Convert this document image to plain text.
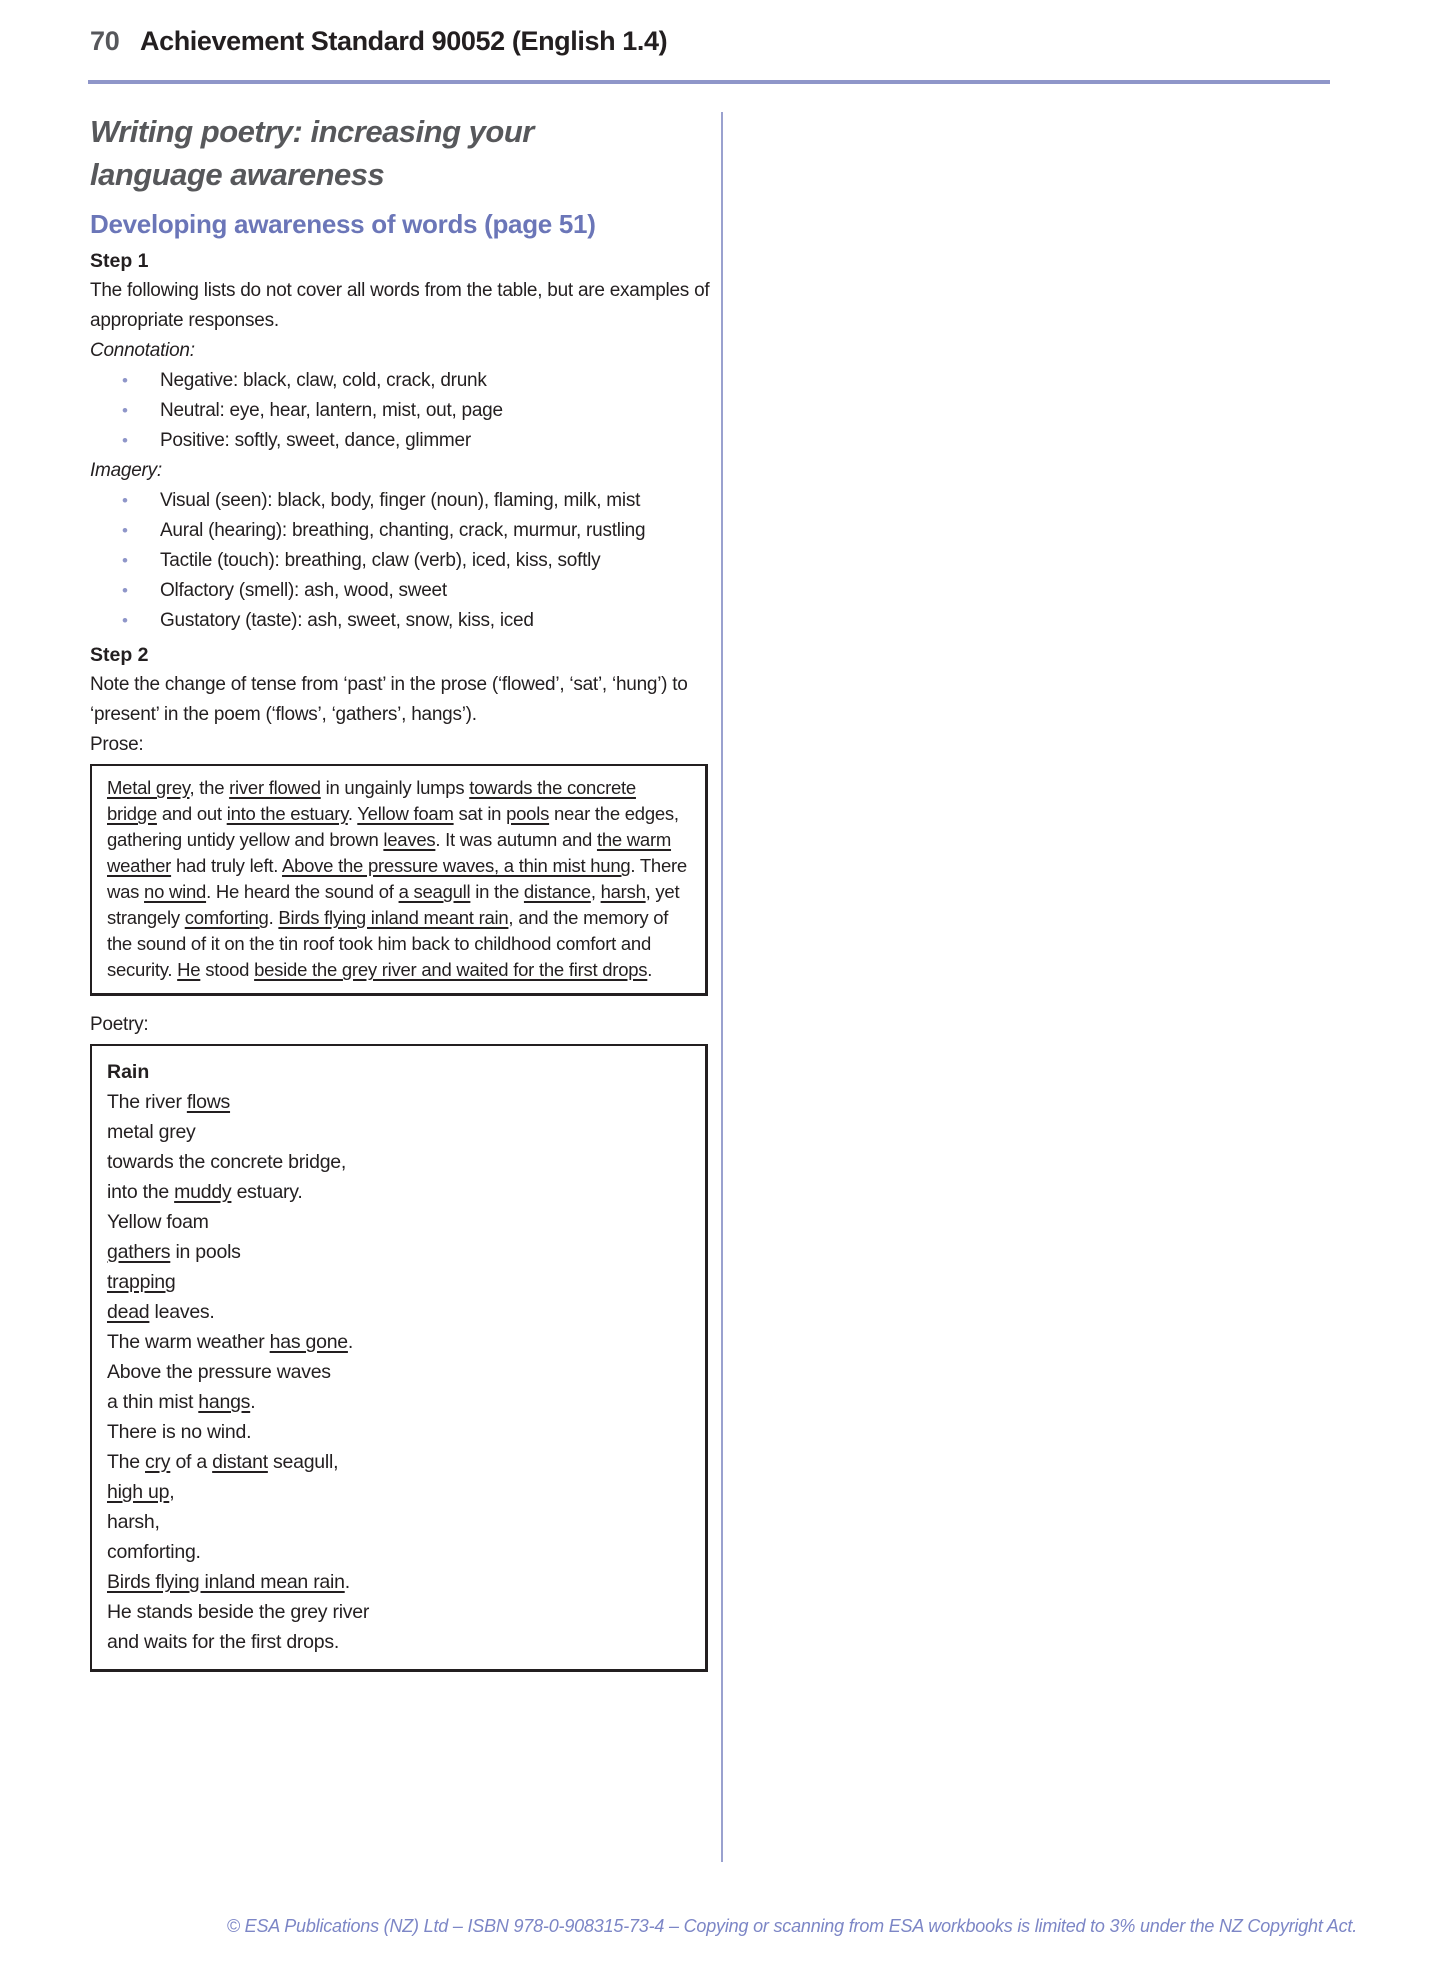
70 Achievement Standard 90052 (English 1.4)
Writing poetry: increasing your language awareness
Developing awareness of words (page 51)

Step 1

The following lists do not cover all words from the table, but are examples of appropriate responses.

Connotation:

•	Negative: black, claw, cold, crack, drunk
•	Neutral: eye, hear, lantern, mist, out, page
•	Positive: softly, sweet, dance, glimmer

Imagery:

•	Visual (seen): black, body, finger (noun), flaming, milk, mist
•	Aural (hearing): breathing, chanting, crack, murmur, rustling
•	Tactile (touch): breathing, claw (verb), iced, kiss, softly
•	Olfactory (smell): ash, wood, sweet
•	Gustatory (taste): ash, sweet, snow, kiss, iced

Step 2

Note the change of tense from ‘past’ in the prose (‘flowed’, ‘sat’, ‘hung’) to ‘present’ in the poem (‘flows’, ‘gathers’, hangs’).

Prose:

Metal grey, the river flowed in ungainly lumps towards the concrete bridge and out into the estuary. Yellow foam sat in pools near the edges, gathering untidy yellow and brown leaves. It was autumn and the warm weather had truly left. Above the pressure waves, a thin mist hung. There was no wind. He heard the sound of a seagull in the distance, harsh, yet strangely comforting. Birds flying inland meant rain, and the memory of the sound of it on the tin roof took him back to childhood comfort and security. He stood beside the grey river and waited for the first drops.

Poetry:

Rain

The river flows

metal grey

towards the concrete bridge,

into the muddy estuary.

Yellow foam

gathers in pools

trapping

dead leaves.

The warm weather has gone.

Above the pressure waves

a thin mist hangs.

There is no wind.

The cry of a distant seagull,

high up,

harsh,

comforting.

Birds flying inland mean rain.

He stands beside the grey river

and waits for the first drops.

© ESA Publications (NZ) Ltd – ISBN 978-0-908315-73-4 – Copying or scanning from ESA workbooks is limited to 3% under the NZ Copyright Act.
